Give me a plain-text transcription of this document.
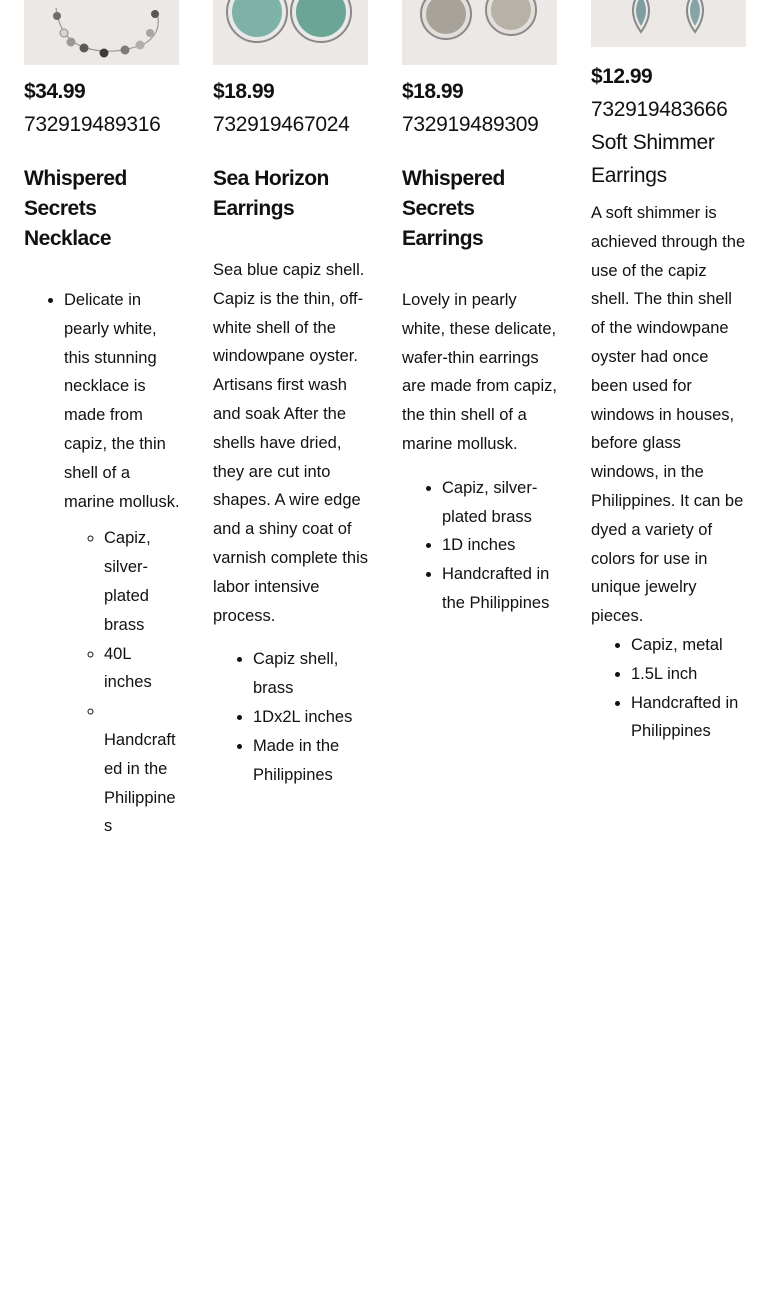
$34.99
732919489316
Whispered Secrets Necklace
• Delicate in pearly white, this stunning necklace is made from capiz, the thin shell of a marine mollusk.
◦ Capiz, silver-plated brass
◦ 40L inches

◦ Handcrafted in the Philippines
$18.99
732919467024
Sea Horizon Earrings
Sea blue capiz shell. Capiz is the thin, off-white shell of the windowpane oyster. Artisans first wash and soak After the shells have dried, they are cut into shapes. A wire edge and a shiny coat of varnish complete this labor intensive process.
• Capiz shell, brass
• 1Dx2L inches
• Made in the Philippines
$18.99
732919489309
Whispered Secrets Earrings
Lovely in pearly white, these delicate, wafer-thin earrings are made from capiz, the thin shell of a marine mollusk.
• Capiz, silver-plated brass
• 1D inches
• Handcrafted in the Philippines
$12.99
732919483666
Soft Shimmer Earrings
A soft shimmer is achieved through the use of the capiz shell. The thin shell of the windowpane oyster had once been used for windows in houses, before glass windows, in the Philippines. It can be dyed a variety of colors for use in unique jewelry pieces.
• Capiz, metal
• 1.5L inch
• Handcrafted in Philippines
